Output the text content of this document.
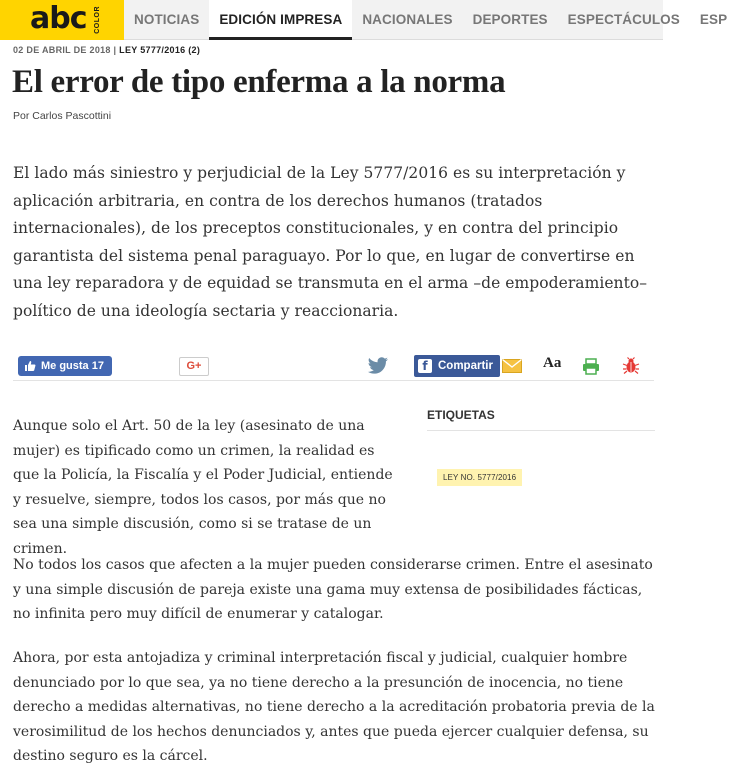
abc COLOR	NOTICIAS	EDICIÓN IMPRESA	NACIONALES	DEPORTES	ESPECTÁCULOS	ESP
02 DE ABRIL DE 2018 | LEY 5777/2016 (2)
El error de tipo enferma a la norma
Por Carlos Pascottini

El lado más siniestro y perjudicial de la Ley 5777/2016 es su interpretación y aplicación arbitraria, en contra de los derechos humanos (tratados internacionales), de los preceptos constitucionales, y en contra del principio garantista del sistema penal paraguayo. Por lo que, en lugar de convertirse en una ley reparadora y de equidad se transmuta en el arma –de empoderamiento– político de una ideología sectaria y reaccionaria.

Me gusta 17	G+	f Compartir	Aa

Aunque solo el Art. 50 de la ley (asesinato de una mujer) es tipificado como un crimen, la realidad es que la Policía, la Fiscalía y el Poder Judicial, entiende y resuelve, siempre, todos los casos, por más que no sea una simple discusión, como si se tratase de un crimen.

ETIQUETAS
LEY NO. 5777/2016

No todos los casos que afecten a la mujer pueden considerarse crimen. Entre el asesinato y una simple discusión de pareja existe una gama muy extensa de posibilidades fácticas, no infinita pero muy difícil de enumerar y catalogar.

Ahora, por esta antojadiza y criminal interpretación fiscal y judicial, cualquier hombre denunciado por lo que sea, ya no tiene derecho a la presunción de inocencia, no tiene derecho a medidas alternativas, no tiene derecho a la acreditación probatoria previa de la verosimilitud de los hechos denunciados y, antes que pueda ejercer cualquier defensa, su destino seguro es la cárcel.
